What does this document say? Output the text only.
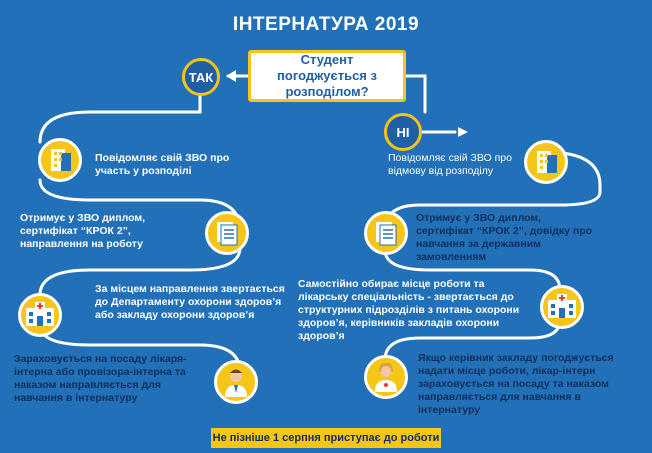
ІНТЕРНАТУРА 2019
Студент погоджується з розподілом?
ТАК
НІ
Повідомляє свій ЗВО про участь у розподілі
Отримує у ЗВО диплом, сертифікат “КРОК 2”, направлення на роботу
За місцем направлення звертається до Департаменту охорони здоров’я або закладу охорони здоров’я
Зараховується на посаду лікаря-інтерна або провізора-інтерна та наказом направляється для навчання в інтернатуру
Повідомляє свій ЗВО про відмову від розподілу
Отримує у ЗВО диплом, сертифікат “КРОК 2”, довідку про навчання за державним замовленням
Самостійно обирає місце роботи та лікарську спеціальність - звертається до структурних підрозділів з питань охорони здоров’я, керівників закладів охорони здоров’я
Якщо керівник закладу погоджується надати місце роботи, лікар-інтерн зараховується на посаду та наказом направляється для навчання в інтернатуру
Не пізніше 1 серпня приступає до роботи
